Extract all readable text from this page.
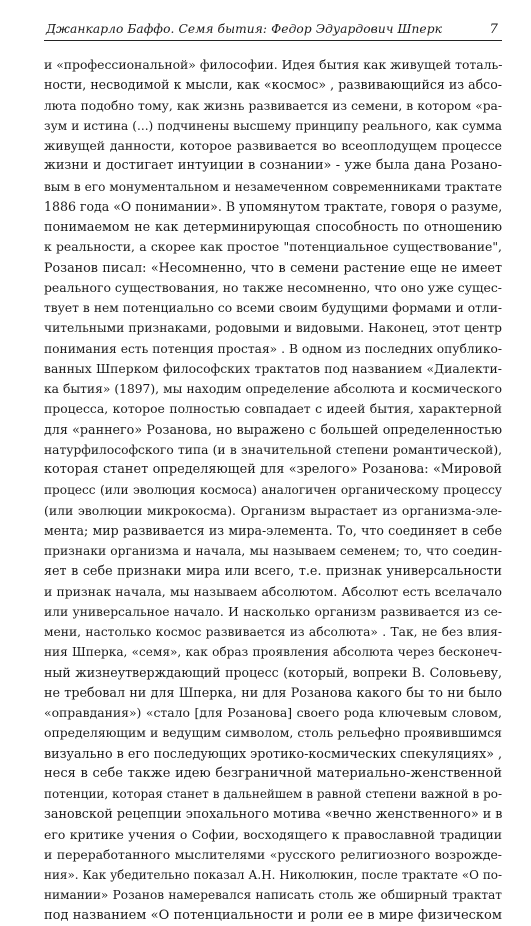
Джанкарло Баффо. Семя бытия: Федор Эдуардович Шперк	7
и «профессиональной» философии. Идея бытия как живущей тоталь-
ности, несводимой к мысли, как «космос» , развивающийся из абсо-
лютa подобно тому, как жизнь развивается из семени, в котором «ра-
зум и истина (...) подчинены высшему принципу реального, как сумма
живущей данности, которое развивается во всеоплодущем процессе
жизни и достигает интуиции в сознании» - уже была дана Розано-
вым в его монументальном и незамеченном современниками трактате
1886 года «О понимании». В упомянутом трактате, говоря о разуме,
понимаемом не как детерминирующая способность по отношению
к реальности, а скорее как простое "потенциальное существование",
Розанов писал: «Несомненно, что в семени растение еще не имеет
реального существования, но также несомненно, что оно уже сущес-
твует в нем потенциально со всеми своим будущими формами и отли-
чительными признаками, родовыми и видовыми. Наконец, этот центр
понимания есть потенция простая» . В одном из последних опублико-
ванных Шперком философских трактатов под названием «Диалекти-
ка бытия» (1897), мы находим определение абсолюта и космического
процесса, которое полностью совпадает с идеей бытия, характерной
для «раннего» Розанова, но выражено с большей определенностью
натурфилософского типа (и в значительной степени романтической),
которая станет определяющей для «зрелого» Розанова: «Мировой
процесс (или эволюция космоса) аналогичен органическому процессу
(или эволюции микрокосма). Организм вырастает из организма-эле-
мента; мир развивается из мира-элемента. То, что соединяет в себе
признаки организма и начала, мы называем семенем; то, что соедин-
яет в себе признаки мира или всего, т.е. признак универсальности
и признак начала, мы называем абсолютом. Абсолют есть вселачало
или универсальное начало. И насколько организм развивается из се-
мени, настолько космос развивается из абсолюта» . Так, не без влия-
ния Шперка, «семя», как образ проявления абсолюта через бесконеч-
ный жизнеутверждающий процесс (который, вопреки В. Соловьеву,
не требовал ни для Шперка, ни для Розанова какого бы то ни было
«оправдания») «стало [для Розанова] своего рода ключевым словом,
определяющим и ведущим символом, столь рельефно проявившимся
визуально в его последующих эротико-космических спекуляциях» ,
неся в себе также идею безграничной материально-женственной
потенции, которая станет в дальнейшем в равной степени важной в ро-
зановской рецепции эпохального мотива «вечно женственного» и в
его критике учения о Софии, восходящего к православной традиции
и переработанного мыслителями «русского религиозного возрожде-
ния». Как убедительно показал А.Н. Николюкин, после трактате «О по-
нимании» Розанов намеревался написать столь же обширный трактат
под названием «О потенциальности и роли ее в мире физическом
